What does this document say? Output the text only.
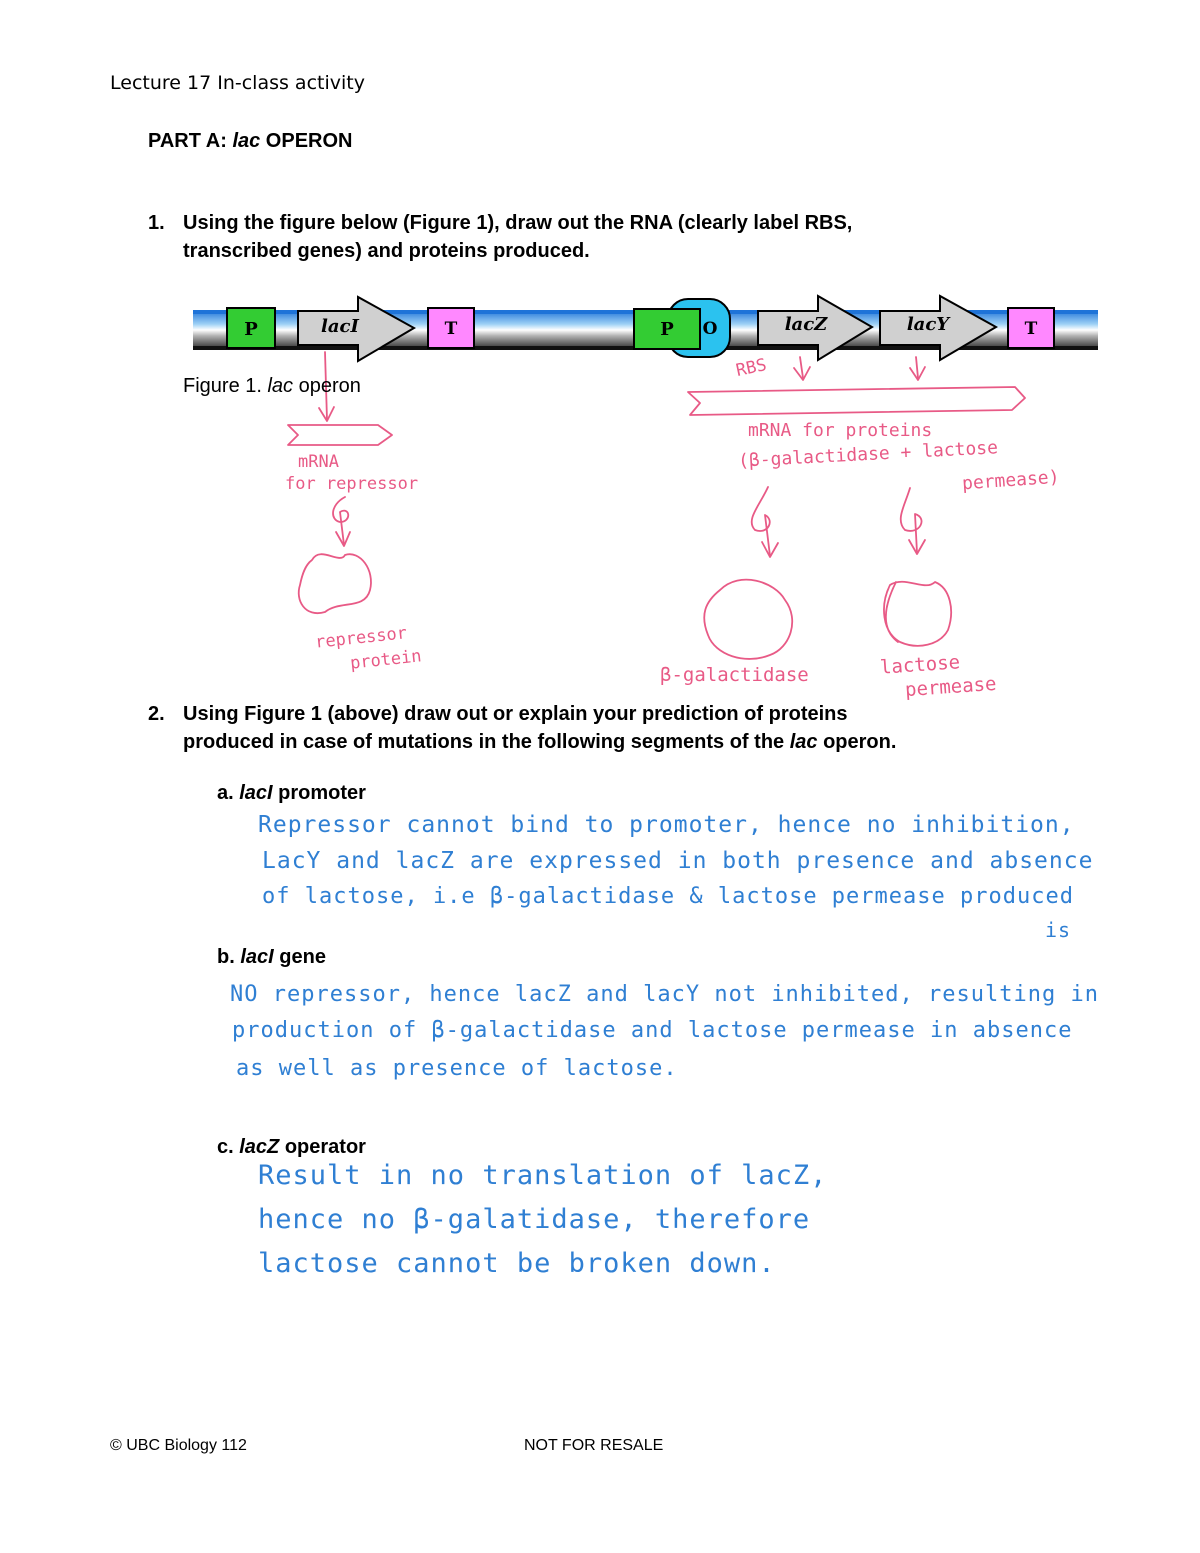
Lecture 17 In-class activity
PART A: lac OPERON
1. Using the figure below (Figure 1), draw out the RNA (clearly label RBS,
transcribed genes) and proteins produced.
P	lacI	T	O
P	lacZ	lacY	T
Figure 1. lac operon
RBS
mRNA
for repressor
repressor
protein
mRNA for proteins
(β-galactidase + lactose
permease)
β-galactidase	lactose
permease
2. Using Figure 1 (above) draw out or explain your prediction of proteins
produced in case of mutations in the following segments of the lac operon.
a. lacI promoter
Repressor cannot bind to promoter, hence no inhibition,
LacY and lacZ are expressed in both presence and absence
of lactose, i.e β-galactidase & lactose permease produced
is
b. lacI gene
NO repressor, hence lacZ and lacY not inhibited, resulting in
production of β-galactidase and lactose permease in absence
as well as presence of lactose.
c. lacZ operator
Result in no translation of lacZ,
hence no β-galatidase, therefore
lactose cannot be broken down.
© UBC Biology 112	NOT FOR RESALE
